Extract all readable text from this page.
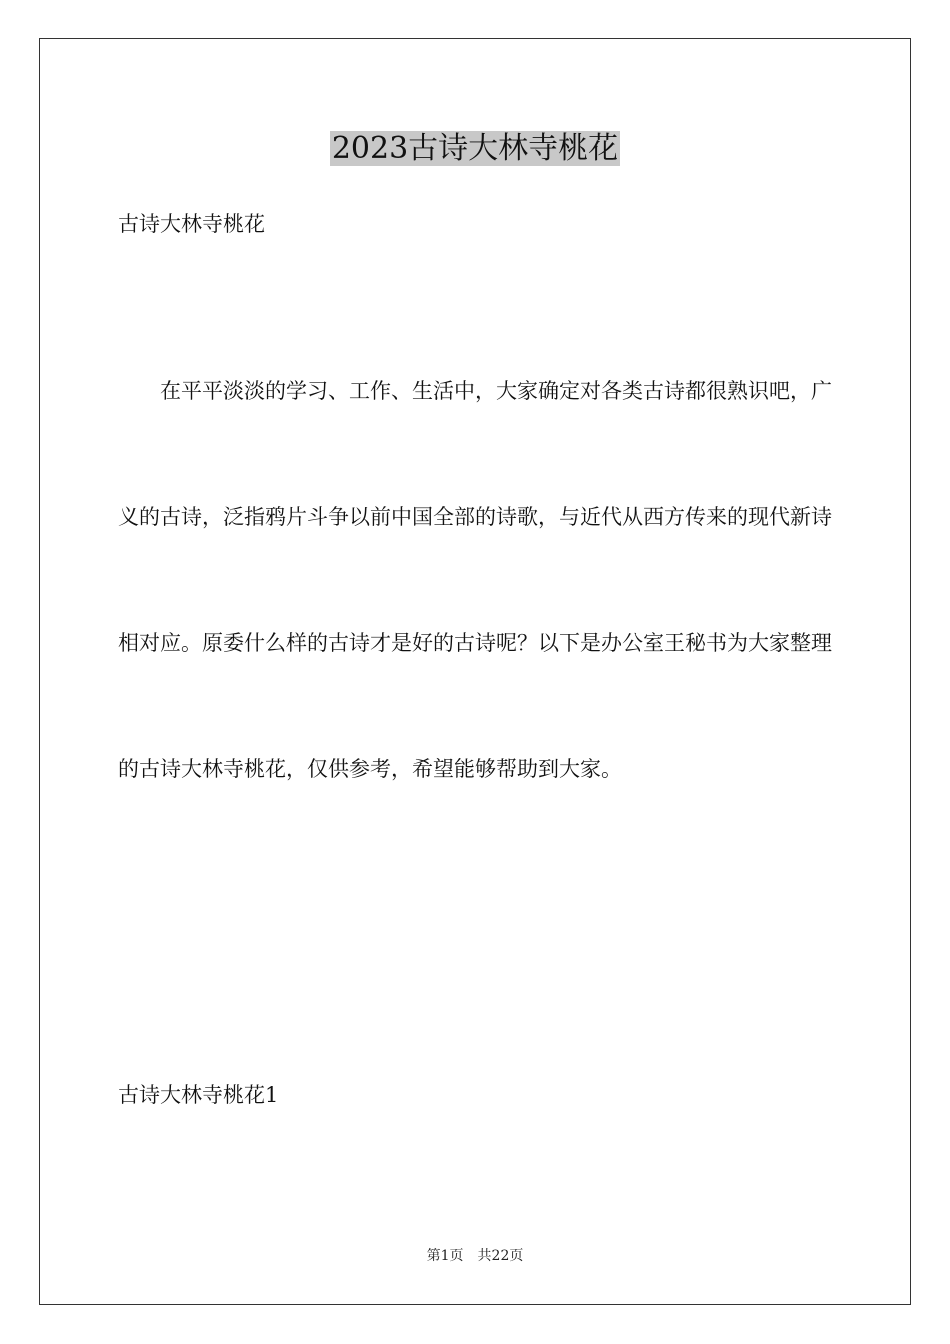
2023古诗大林寺桃花

古诗大林寺桃花

在平平淡淡的学习、工作、生活中，大家确定对各类古诗都很熟识吧，广义的古诗，泛指鸦片斗争以前中国全部的诗歌，与近代从西方传来的现代新诗相对应。原委什么样的古诗才是好的古诗呢？以下是办公室王秘书为大家整理的古诗大林寺桃花，仅供参考，希望能够帮助到大家。

古诗大林寺桃花1

第1页　共22页
